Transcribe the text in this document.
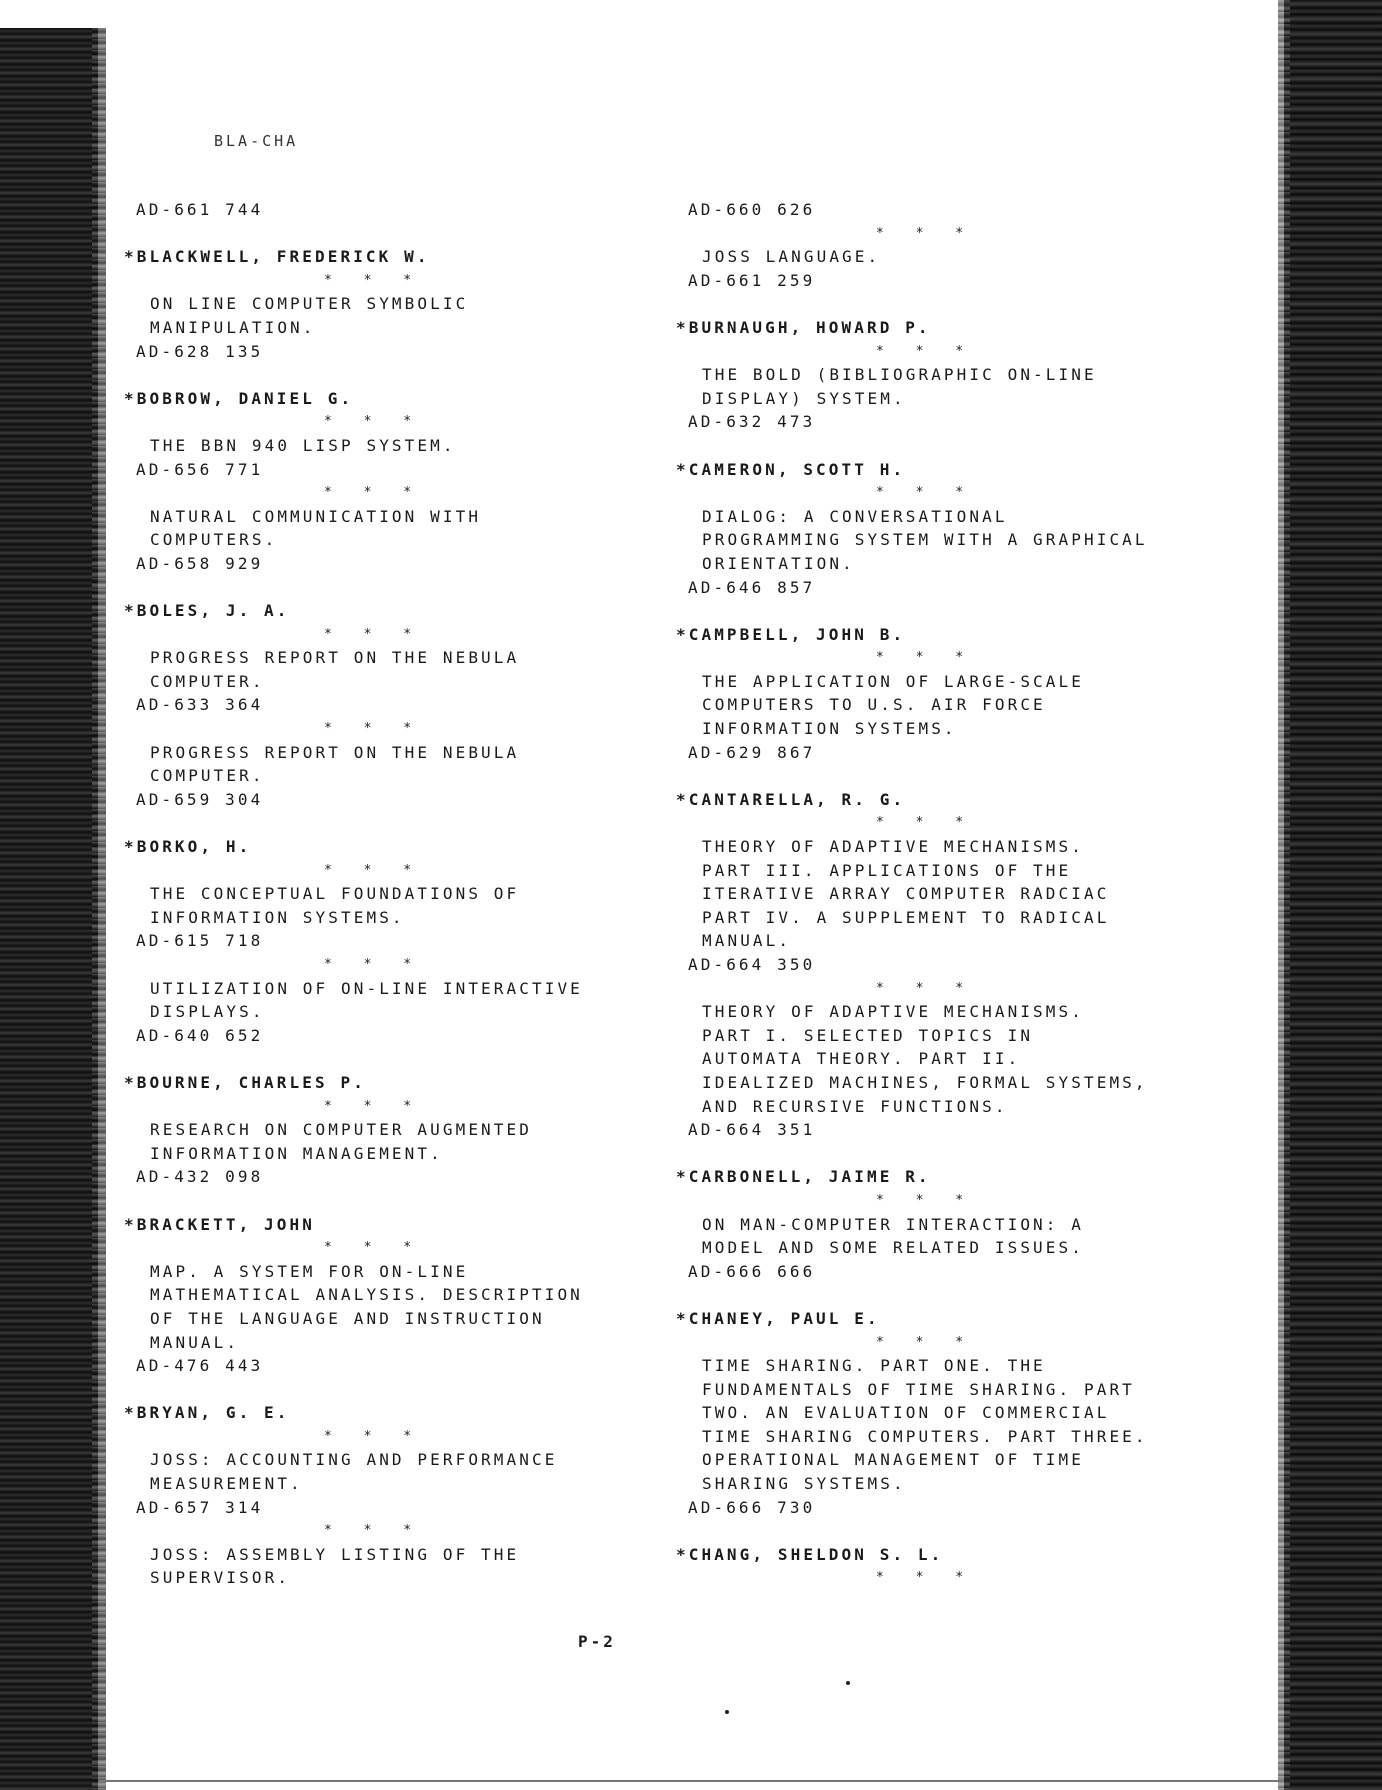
BLA-CHA
AD-661 744
*BLACKWELL, FREDERICK W.
* * *
ON LINE COMPUTER SYMBOLIC
MANIPULATION.
AD-628 135
*BOBROW, DANIEL G.
* * *
THE BBN 940 LISP SYSTEM.
AD-656 771
* * *
NATURAL COMMUNICATION WITH
COMPUTERS.
AD-658 929
*BOLES, J. A.
* * *
PROGRESS REPORT ON THE NEBULA
COMPUTER.
AD-633 364
* * *
PROGRESS REPORT ON THE NEBULA
COMPUTER.
AD-659 304
*BORKO, H.
* * *
THE CONCEPTUAL FOUNDATIONS OF
INFORMATION SYSTEMS.
AD-615 718
* * *
UTILIZATION OF ON-LINE INTERACTIVE
DISPLAYS.
AD-640 652
*BOURNE, CHARLES P.
* * *
RESEARCH ON COMPUTER AUGMENTED
INFORMATION MANAGEMENT.
AD-432 098
*BRACKETT, JOHN
* * *
MAP. A SYSTEM FOR ON-LINE
MATHEMATICAL ANALYSIS. DESCRIPTION
OF THE LANGUAGE AND INSTRUCTION
MANUAL.
AD-476 443
*BRYAN, G. E.
* * *
JOSS: ACCOUNTING AND PERFORMANCE
MEASUREMENT.
AD-657 314
* * *
JOSS: ASSEMBLY LISTING OF THE
SUPERVISOR.
AD-660 626
* * *
JOSS LANGUAGE.
AD-661 259
*BURNAUGH, HOWARD P.
* * *
THE BOLD (BIBLIOGRAPHIC ON-LINE
DISPLAY) SYSTEM.
AD-632 473
*CAMERON, SCOTT H.
* * *
DIALOG: A CONVERSATIONAL
PROGRAMMING SYSTEM WITH A GRAPHICAL
ORIENTATION.
AD-646 857
*CAMPBELL, JOHN B.
* * *
THE APPLICATION OF LARGE-SCALE
COMPUTERS TO U.S. AIR FORCE
INFORMATION SYSTEMS.
AD-629 867
*CANTARELLA, R. G.
* * *
THEORY OF ADAPTIVE MECHANISMS.
PART III. APPLICATIONS OF THE
ITERATIVE ARRAY COMPUTER RADCIAC
PART IV. A SUPPLEMENT TO RADICAL
MANUAL.
AD-664 350
* * *
THEORY OF ADAPTIVE MECHANISMS.
PART I. SELECTED TOPICS IN
AUTOMATA THEORY. PART II.
IDEALIZED MACHINES, FORMAL SYSTEMS,
AND RECURSIVE FUNCTIONS.
AD-664 351
*CARBONELL, JAIME R.
* * *
ON MAN-COMPUTER INTERACTION: A
MODEL AND SOME RELATED ISSUES.
AD-666 666
*CHANEY, PAUL E.
* * *
TIME SHARING. PART ONE. THE
FUNDAMENTALS OF TIME SHARING. PART
TWO. AN EVALUATION OF COMMERCIAL
TIME SHARING COMPUTERS. PART THREE.
OPERATIONAL MANAGEMENT OF TIME
SHARING SYSTEMS.
AD-666 730
*CHANG, SHELDON S. L.
* * *
P-2
